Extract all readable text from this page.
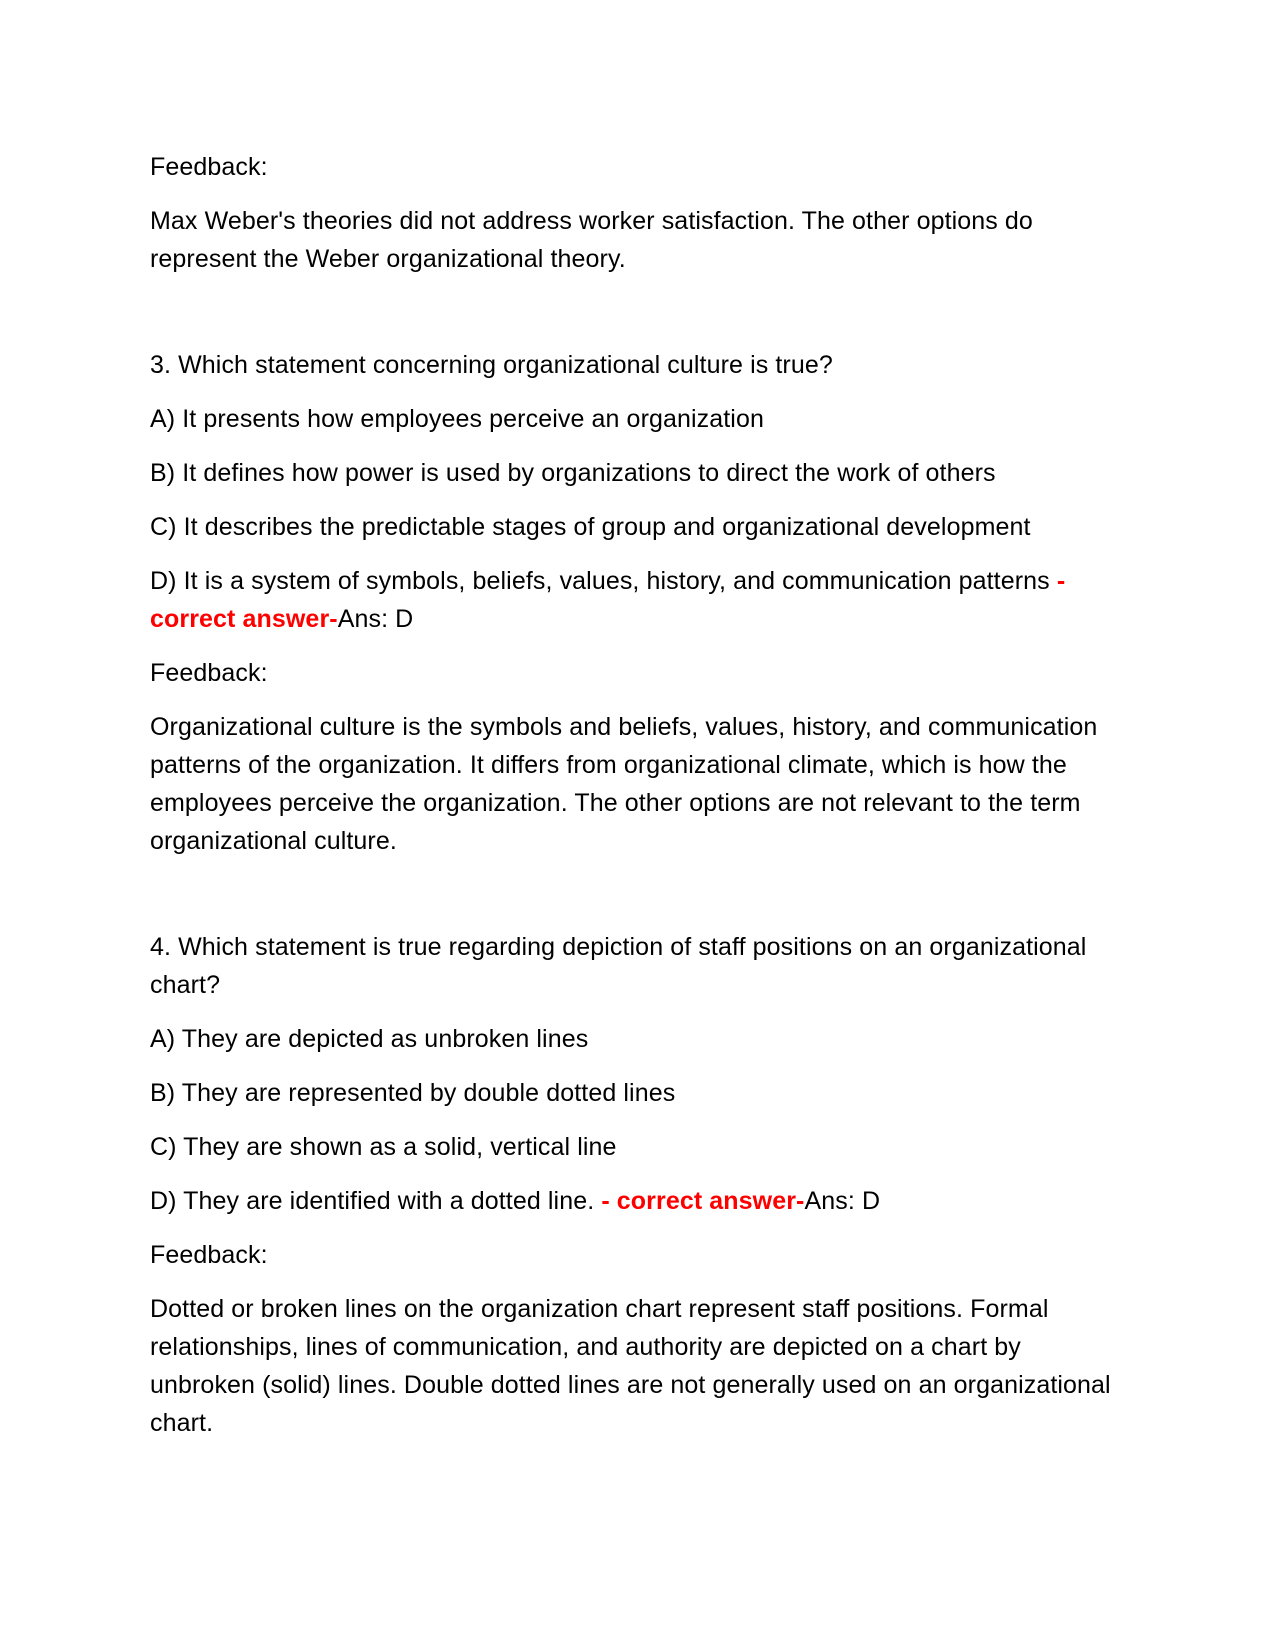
Feedback:

Max Weber's theories did not address worker satisfaction. The other options do represent the Weber organizational theory.

3. Which statement concerning organizational culture is true?

A) It presents how employees perceive an organization

B) It defines how power is used by organizations to direct the work of others

C) It describes the predictable stages of group and organizational development

D) It is a system of symbols, beliefs, values, history, and communication patterns - correct answer-Ans: D

Feedback:

Organizational culture is the symbols and beliefs, values, history, and communication patterns of the organization. It differs from organizational climate, which is how the employees perceive the organization. The other options are not relevant to the term organizational culture.

4. Which statement is true regarding depiction of staff positions on an organizational chart?

A) They are depicted as unbroken lines

B) They are represented by double dotted lines

C) They are shown as a solid, vertical line

D) They are identified with a dotted line. - correct answer-Ans: D

Feedback:

Dotted or broken lines on the organization chart represent staff positions. Formal relationships, lines of communication, and authority are depicted on a chart by unbroken (solid) lines. Double dotted lines are not generally used on an organizational chart.
